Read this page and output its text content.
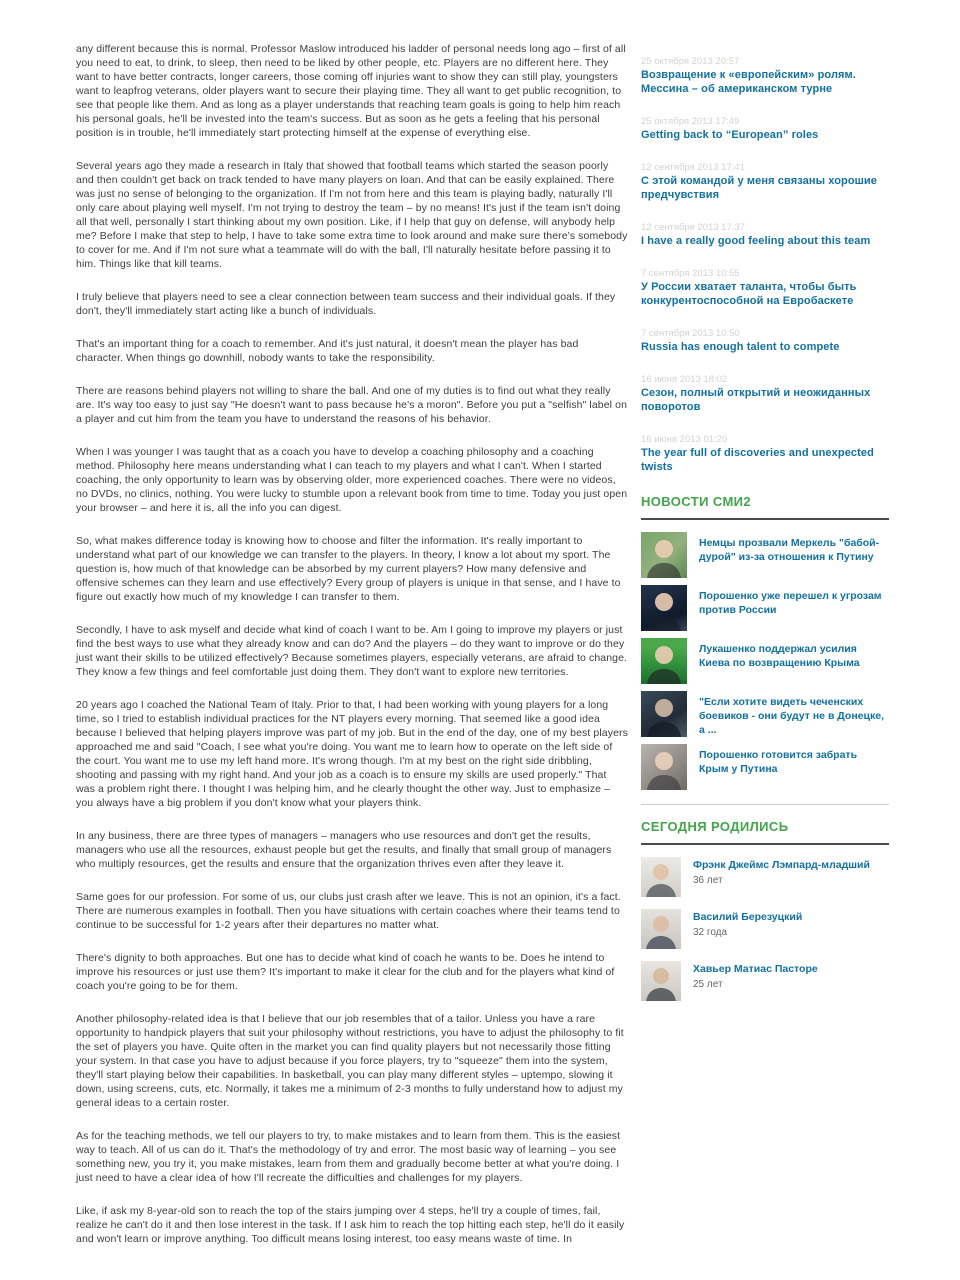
any different because this is normal. Professor Maslow introduced his ladder of personal needs long ago – first of all you need to eat, to drink, to sleep, then need to be liked by other people, etc. Players are no different here. They want to have better contracts, longer careers, those coming off injuries want to show they can still play, youngsters want to leapfrog veterans, older players want to secure their playing time. They all want to get public recognition, to see that people like them. And as long as a player understands that reaching team goals is going to help him reach his personal goals, he'll be invested into the team's success. But as soon as he gets a feeling that his personal position is in trouble, he'll immediately start protecting himself at the expense of everything else.

Several years ago they made a research in Italy that showed that football teams which started the season poorly and then couldn't get back on track tended to have many players on loan. And that can be easily explained. There was just no sense of belonging to the organization. If I'm not from here and this team is playing badly, naturally I'll only care about playing well myself. I'm not trying to destroy the team – by no means! It's just if the team isn't doing all that well, personally I start thinking about my own position. Like, if I help that guy on defense, will anybody help me? Before I make that step to help, I have to take some extra time to look around and make sure there's somebody to cover for me. And if I'm not sure what a teammate will do with the ball, I'll naturally hesitate before passing it to him. Things like that kill teams.

I truly believe that players need to see a clear connection between team success and their individual goals. If they don't, they'll immediately start acting like a bunch of individuals.

That's an important thing for a coach to remember. And it's just natural, it doesn't mean the player has bad character. When things go downhill, nobody wants to take the responsibility.

There are reasons behind players not willing to share the ball. And one of my duties is to find out what they really are. It's way too easy to just say "He doesn't want to pass because he's a moron". Before you put a "selfish" label on a player and cut him from the team you have to understand the reasons of his behavior.

When I was younger I was taught that as a coach you have to develop a coaching philosophy and a coaching method. Philosophy here means understanding what I can teach to my players and what I can't. When I started coaching, the only opportunity to learn was by observing older, more experienced coaches. There were no videos, no DVDs, no clinics, nothing. You were lucky to stumble upon a relevant book from time to time. Today you just open your browser – and here it is, all the info you can digest.

So, what makes difference today is knowing how to choose and filter the information. It's really important to understand what part of our knowledge we can transfer to the players. In theory, I know a lot about my sport. The question is, how much of that knowledge can be absorbed by my current players? How many defensive and offensive schemes can they learn and use effectively? Every group of players is unique in that sense, and I have to figure out exactly how much of my knowledge I can transfer to them.

Secondly, I have to ask myself and decide what kind of coach I want to be. Am I going to improve my players or just find the best ways to use what they already know and can do? And the players – do they want to improve or do they just want their skills to be utilized effectively? Because sometimes players, especially veterans, are afraid to change. They know a few things and feel comfortable just doing them. They don't want to explore new territories.

20 years ago I coached the National Team of Italy. Prior to that, I had been working with young players for a long time, so I tried to establish individual practices for the NT players every morning. That seemed like a good idea because I believed that helping players improve was part of my job. But in the end of the day, one of my best players approached me and said "Coach, I see what you're doing. You want me to learn how to operate on the left side of the court. You want me to use my left hand more. It's wrong though. I'm at my best on the right side dribbling, shooting and passing with my right hand. And your job as a coach is to ensure my skills are used properly." That was a problem right there. I thought I was helping him, and he clearly thought the other way. Just to emphasize – you always have a big problem if you don't know what your players think.

In any business, there are three types of managers – managers who use resources and don't get the results, managers who use all the resources, exhaust people but get the results, and finally that small group of managers who multiply resources, get the results and ensure that the organization thrives even after they leave it.

Same goes for our profession. For some of us, our clubs just crash after we leave. This is not an opinion, it's a fact. There are numerous examples in football. Then you have situations with certain coaches where their teams tend to continue to be successful for 1-2 years after their departures no matter what.

There's dignity to both approaches. But one has to decide what kind of coach he wants to be. Does he intend to improve his resources or just use them? It's important to make it clear for the club and for the players what kind of coach you're going to be for them.

Another philosophy-related idea is that I believe that our job resembles that of a tailor. Unless you have a rare opportunity to handpick players that suit your philosophy without restrictions, you have to adjust the philosophy to fit the set of players you have. Quite often in the market you can find quality players but not necessarily those fitting your system. In that case you have to adjust because if you force players, try to "squeeze" them into the system, they'll start playing below their capabilities. In basketball, you can play many different styles – uptempo, slowing it down, using screens, cuts, etc. Normally, it takes me a minimum of 2-3 months to fully understand how to adjust my general ideas to a certain roster.

As for the teaching methods, we tell our players to try, to make mistakes and to learn from them. This is the easiest way to teach. All of us can do it. That's the methodology of try and error. The most basic way of learning – you see something new, you try it, you make mistakes, learn from them and gradually become better at what you're doing. I just need to have a clear idea of how I'll recreate the difficulties and challenges for my players.

Like, if ask my 8-year-old son to reach the top of the stairs jumping over 4 steps, he'll try a couple of times, fail, realize he can't do it and then lose interest in the task. If I ask him to reach the top hitting each step, he'll do it easily and won't learn or improve anything. Too difficult means losing interest, too easy means waste of time. In

25 октября 2013 20:57
Возвращение к «европейским» ролям. Мессина – об американском турне
25 октября 2013 17:49
Getting back to “European” roles
12 сентября 2013 17:41
С этой командой у меня связаны хорошие предчувствия
12 сентября 2013 17:37
I have a really good feeling about this team
7 сентября 2013 10:55
У России хватает таланта, чтобы быть конкурентоспособной на Евробаскете
7 сентября 2013 10:50
Russia has enough talent to compete
16 июня 2013 18:02
Сезон, полный открытий и неожиданных поворотов
16 июня 2013 01:20
The year full of discoveries and unexpected twists
НОВОСТИ СМИ2
Немцы прозвали Меркель "бабой-дурой" из-за отношения к Путину
Порошенко уже перешел к угрозам против России
Лукашенко поддержал усилия Киева по возвращению Крыма
"Если хотите видеть чеченских боевиков - они будут не в Донецке, а ...
Порошенко готовится забрать Крым у Путина
СЕГОДНЯ РОДИЛИСЬ
Фрэнк Джеймс Лэмпард-младший
36 лет
Василий Березуцкий
32 года
Хавьер Матиас Пасторе
25 лет
